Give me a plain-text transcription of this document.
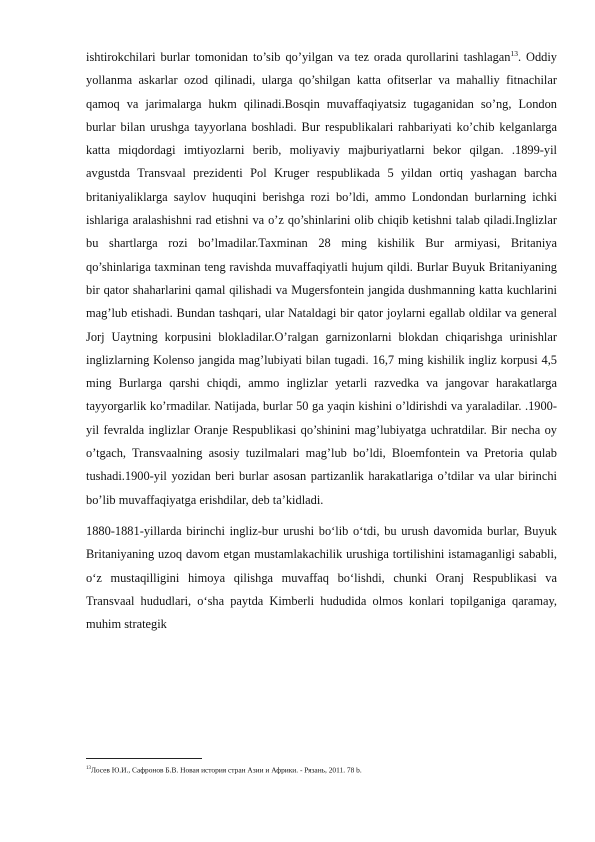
ishtirokchilari burlar tomonidan to’sib qo’yilgan va tez orada qurollarini tashlagan$^{13}$. Oddiy yollanma askarlar ozod qilinadi, ularga qo’shilgan katta ofitserlar va mahalliy fitnachilar qamoq va jarimalarga hukm qilinadi.Bosqin muvaffaqiyatsiz tugaganidan so’ng, London burlar bilan urushga tayyorlana boshladi. Bur respublikalari rahbariyati ko’chib kelganlarga katta miqdordagi imtiyozlarni berib, moliyaviy majburiyatlarni bekor qilgan. .1899-yil avgustda Transvaal prezidenti Pol Kruger respublikada 5 yildan ortiq yashagan barcha britaniyaliklarga saylov huquqini berishga rozi bo’ldi, ammo Londondan burlarning ichki ishlariga aralashishni rad etishni va o’z qo’shinlarini olib chiqib ketishni talab qiladi.Inglizlar bu shartlarga rozi bo’lmadilar.Taxminan 28 ming kishilik Bur armiyasi, Britaniya qo’shinlariga taxminan teng ravishda muvaffaqiyatli hujum qildi. Burlar Buyuk Britaniyaning bir qator shaharlarini qamal qilishadi va Mugersfontein jangida dushmanning katta kuchlarini mag’lub etishadi. Bundan tashqari, ular Nataldagi bir qator joylarni egallab oldilar va general Jorj Uaytning korpusini blokladilar.O’ralgan garnizonlarni blokdan chiqarishga urinishlar inglizlarning Kolenso jangida mag’lubiyati bilan tugadi. 16,7 ming kishilik ingliz korpusi 4,5 ming Burlarga qarshi chiqdi, ammo inglizlar yetarli razvedka va jangovar harakatlarga tayyorgarlik ko’rmadilar. Natijada, burlar 50 ga yaqin kishini o’ldirishdi va yaraladilar. .1900- yil fevralda inglizlar Oranje Respublikasi qo’shinini mag’lubiyatga uchratdilar. Bir necha oy o’tgach, Transvaalning asosiy tuzilmalari mag’lub bo’ldi, Bloemfontein va Pretoria qulab tushadi.1900-yil yozidan beri burlar asosan partizanlik harakatlariga o’tdilar va ular birinchi bo’lib muvaffaqiyatga erishdilar, deb ta’kidladi.

1880-1881-yillarda birinchi ingliz-bur urushi bo‘lib o‘tdi, bu urush davomida burlar, Buyuk Britaniyaning uzoq davom etgan mustamlakachilik urushiga tortilishini istamaganligi sababli, o‘z mustaqilligini himoya qilishga muvaffaq bo‘lishdi, chunki Oranj Respublikasi va Transvaal hududlari, o‘sha paytda Kimberli hududida olmos konlari topilganiga qaramay, muhim strategik

$^{13}$Лосев Ю.И., Сафронов Б.В. Новая история стран Азии и Африки. - Рязань, 2011. 78 b.
